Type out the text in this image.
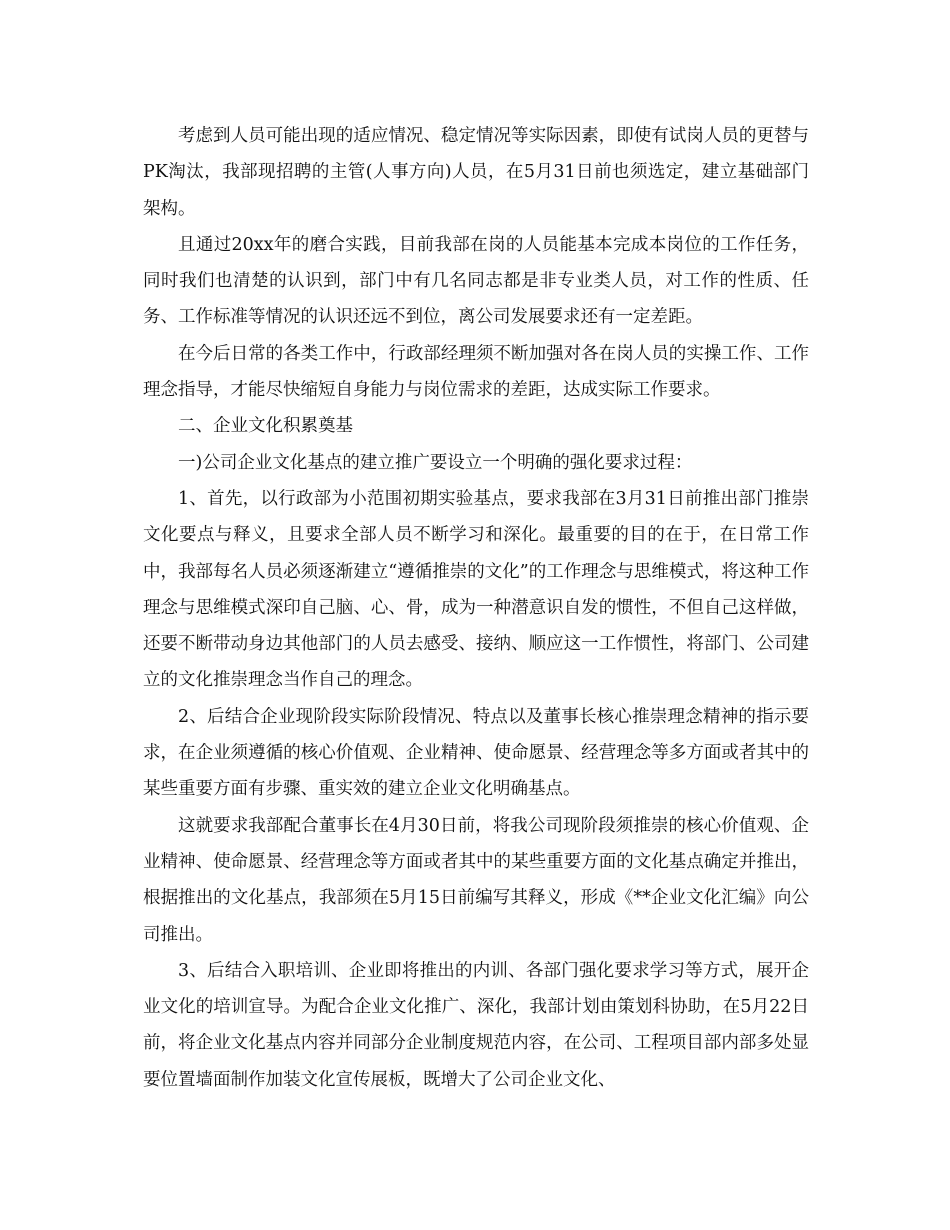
考虑到人员可能出现的适应情况、稳定情况等实际因素，即使有试岗人员的更替与PK淘汰，我部现招聘的主管(人事方向)人员，在5月31日前也须选定，建立基础部门架构。

且通过20xx年的磨合实践，目前我部在岗的人员能基本完成本岗位的工作任务，同时我们也清楚的认识到，部门中有几名同志都是非专业类人员，对工作的性质、任务、工作标准等情况的认识还远不到位，离公司发展要求还有一定差距。

在今后日常的各类工作中，行政部经理须不断加强对各在岗人员的实操工作、工作理念指导，才能尽快缩短自身能力与岗位需求的差距，达成实际工作要求。

二、企业文化积累奠基

一)公司企业文化基点的建立推广要设立一个明确的强化要求过程：

1、首先，以行政部为小范围初期实验基点，要求我部在3月31日前推出部门推崇文化要点与释义，且要求全部人员不断学习和深化。最重要的目的在于，在日常工作中，我部每名人员必须逐渐建立“遵循推崇的文化”的工作理念与思维模式，将这种工作理念与思维模式深印自己脑、心、骨，成为一种潜意识自发的惯性，不但自己这样做，还要不断带动身边其他部门的人员去感受、接纳、顺应这一工作惯性，将部门、公司建立的文化推崇理念当作自己的理念。

2、后结合企业现阶段实际阶段情况、特点以及董事长核心推崇理念精神的指示要求，在企业须遵循的核心价值观、企业精神、使命愿景、经营理念等多方面或者其中的某些重要方面有步骤、重实效的建立企业文化明确基点。

这就要求我部配合董事长在4月30日前，将我公司现阶段须推崇的核心价值观、企业精神、使命愿景、经营理念等方面或者其中的某些重要方面的文化基点确定并推出，根据推出的文化基点，我部须在5月15日前编写其释义，形成《**企业文化汇编》向公司推出。

3、后结合入职培训、企业即将推出的内训、各部门强化要求学习等方式，展开企业文化的培训宣导。为配合企业文化推广、深化，我部计划由策划科协助，在5月22日前，将企业文化基点内容并同部分企业制度规范内容，在公司、工程项目部内部多处显要位置墙面制作加装文化宣传展板，既增大了公司企业文化、
